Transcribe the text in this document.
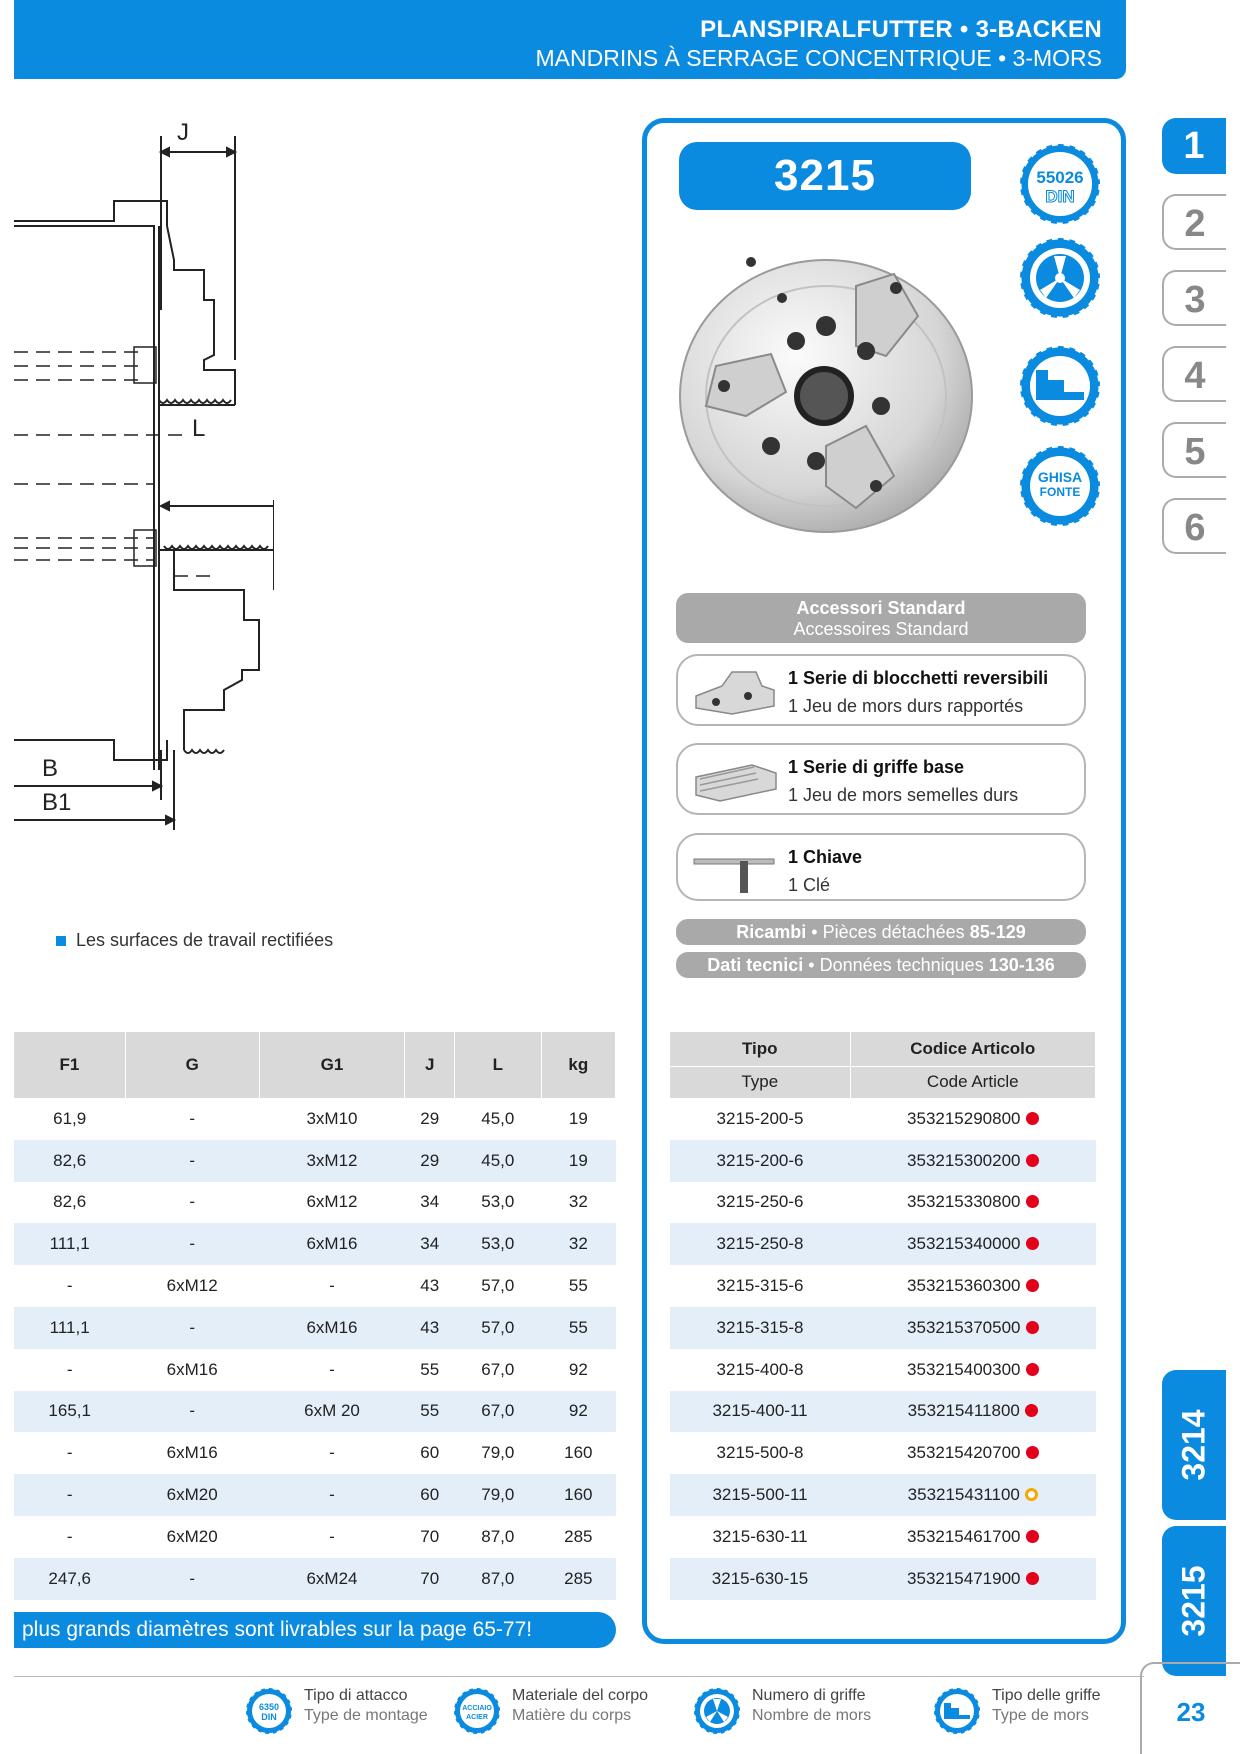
PLANSPIRALFUTTER • 3-BACKEN
MANDRINS À SERRAGE CONCENTRIQUE • 3-MORS
J
L
B
B1
Les surfaces de travail rectifiées
3215	55026
DIN
GHISA
FONTE
Accessori Standard
Accessoires Standard
1 Serie di blocchetti reversibili
1 Jeu de mors durs rapportés
1 Serie di griffe base
1 Jeu de mors semelles durs
1 Chiave
1 Clé
Ricambi • Pièces détachées 85-129
Dati tecnici • Données techniques 130-136
F1	G	G1	J	L	kg
61,9	-	3xM10	29	45,0	19
82,6	-	3xM12	29	45,0	19
82,6	-	6xM12	34	53,0	32
111,1	-	6xM16	34	53,0	32
-	6xM12	-	43	57,0	55
111,1	-	6xM16	43	57,0	55
-	6xM16	-	55	67,0	92
165,1	-	6xM 20	55	67,0	92
-	6xM16	-	60	79,0	160
-	6xM20	-	60	79,0	160
-	6xM20	-	70	87,0	285
247,6	-	6xM24	70	87,0	285
Tipo	Codice Articolo
Type	Code Article
3215-200-5	353215290800
3215-200-6	353215300200
3215-250-6	353215330800
3215-250-8	353215340000
3215-315-6	353215360300
3215-315-8	353215370500
3215-400-8	353215400300
3215-400-11	353215411800
3215-500-8	353215420700
3215-500-11	353215431100
3215-630-11	353215461700
3215-630-15	353215471900
plus grands diamètres sont livrables sur la page 65-77!
1
2
3
4
5
6
3214
3215
6350
DIN
Tipo di attacco
Type de montage	ACCIAIO
ACIER
Materiale del corpo
Matière du corps
Numero di griffe
Nombre de mors
Tipo delle griffe
Type de mors	23
